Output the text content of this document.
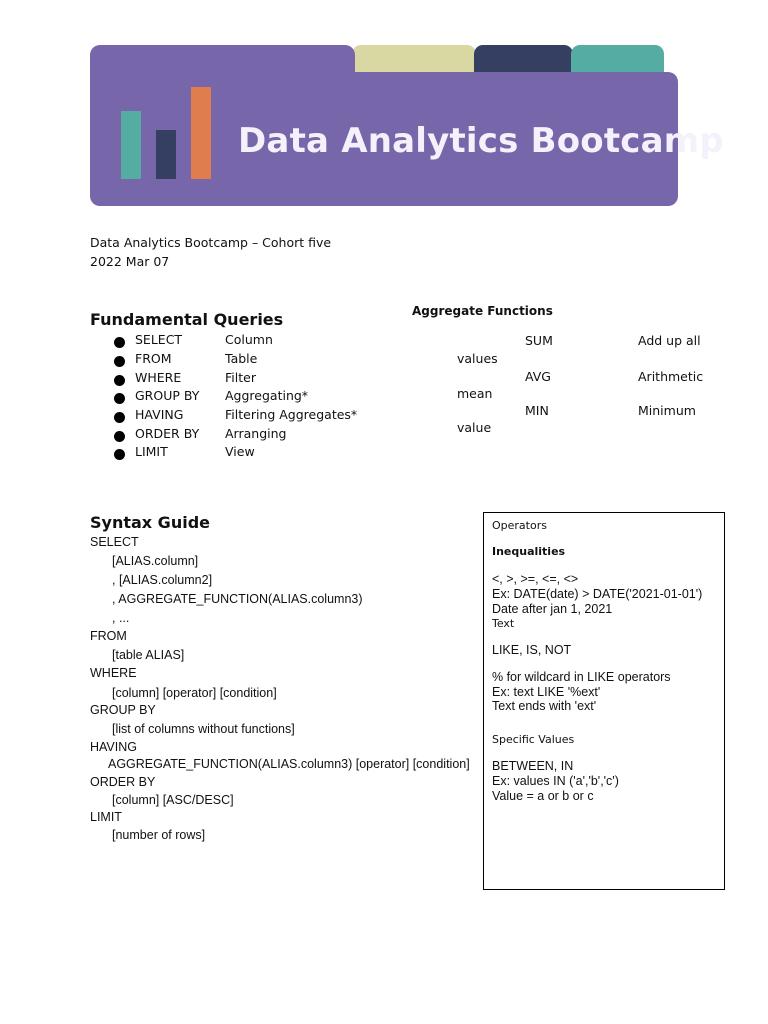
Data Analytics Bootcamp
Data Analytics Bootcamp – Cohort five
2022 Mar 07
Fundamental Queries
SELECT	Column
FROM	Table
WHERE	Filter
GROUP BY Aggregating*
HAVING	Filtering Aggregates*
ORDER BY Arranging
LIMIT	View
Aggregate Functions
SUM	Add up all
values
AVG	Arithmetic
mean
MIN	Minimum
value
Syntax Guide
SELECT
[ALIAS.column]
, [ALIAS.column2]
, AGGREGATE_FUNCTION(ALIAS.column3)
, ...
FROM
[table ALIAS]
WHERE
[column] [operator] [condition]
GROUP BY
[list of columns without functions]
HAVING
AGGREGATE_FUNCTION(ALIAS.column3) [operator] [condition]
ORDER BY
[column] [ASC/DESC]
LIMIT
[number of rows]
Operators
Inequalities
<, >, >=, <=, <>
Ex: DATE(date) > DATE('2021-01-01')
Date after jan 1, 2021
Text
LIKE, IS, NOT
% for wildcard in LIKE operators
Ex: text LIKE '%ext'
Text ends with 'ext'
Specific Values
BETWEEN, IN
Ex: values IN ('a','b','c')
Value = a or b or c
